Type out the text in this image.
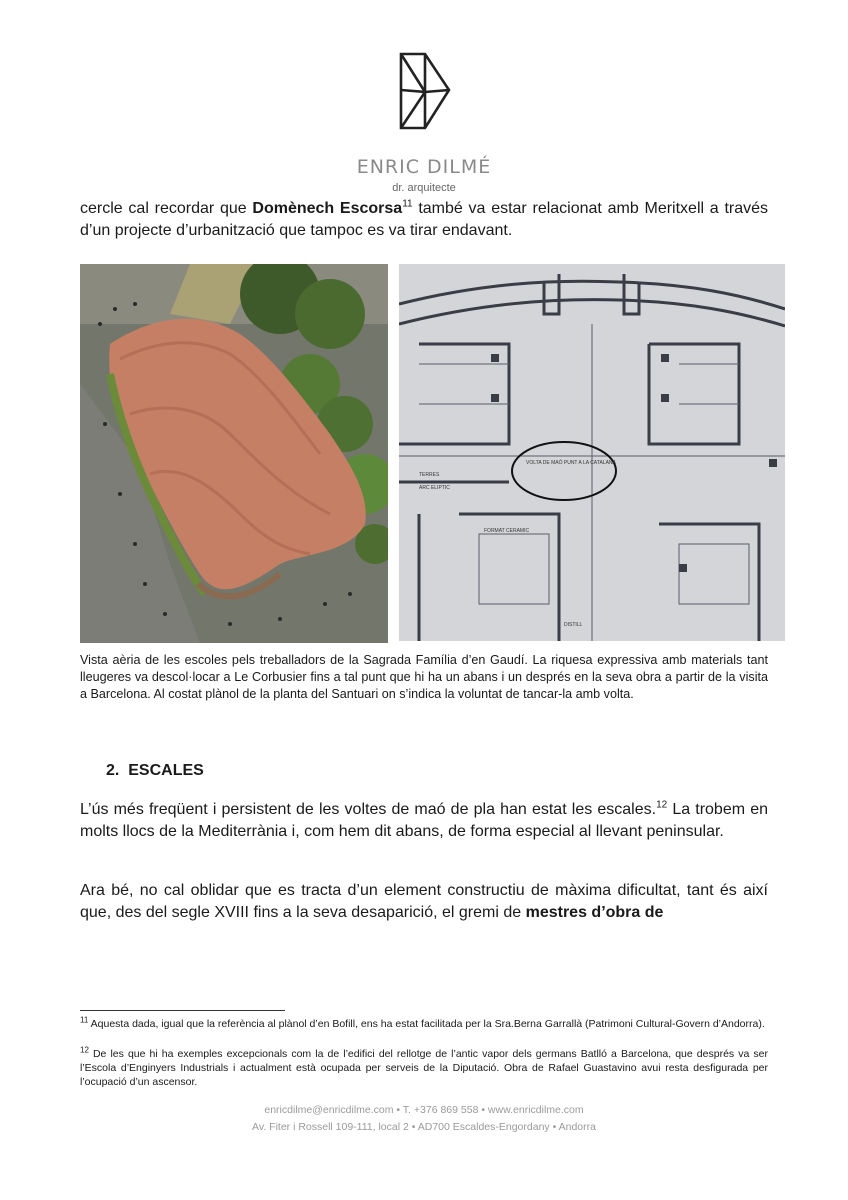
ENRIC DILMÉ
dr. arquitecte
cercle cal recordar que Domènech Escorsa$^{11}$ també va estar relacionat amb Meritxell a través d’un projecte d’urbanització que tampoc es va tirar endavant.
VOLTA DE MAÓ PUNT A LA CATALANA
TERRES
ARC ELIPTIC
FORMAT CERAMIC
DISTILL
Vista aèria de les escoles pels treballadors de la Sagrada Família d’en Gaudí. La riquesa expressiva amb materials tant lleugeres va descol·locar a Le Corbusier fins a tal punt que hi ha un abans i un després en la seva obra a partir de la visita a Barcelona. Al costat plànol de la planta del Santuari on s’indica la voluntat de tancar-la amb volta.
2. ESCALES
L’ús més freqüent i persistent de les voltes de maó de pla han estat les escales.$^{12}$ La trobem en molts llocs de la Mediterrània i, com hem dit abans, de forma especial al llevant peninsular.
Ara bé, no cal oblidar que es tracta d’un element constructiu de màxima dificultat, tant és així que, des del segle XVIII fins a la seva desaparició, el gremi de mestres d’obra de
$^{11}$ Aquesta dada, igual que la referència al plànol d’en Bofill, ens ha estat facilitada per la Sra.Berna Garrallà (Patrimoni Cultural-Govern d’Andorra).
$^{12}$ De les que hi ha exemples excepcionals com la de l’edifici del rellotge de l’antic vapor dels germans Batlló a Barcelona, que després va ser l’Escola d’Enginyers Industrials i actualment està ocupada per serveis de la Diputació. Obra de Rafael Guastavino avui resta desfigurada per l’ocupació d’un ascensor.
enricdilme@enricdilme.com • T. +376 869 558 • www.enricdilme.com
Av. Fiter i Rossell 109-111, local 2 • AD700 Escaldes-Engordany • Andorra
